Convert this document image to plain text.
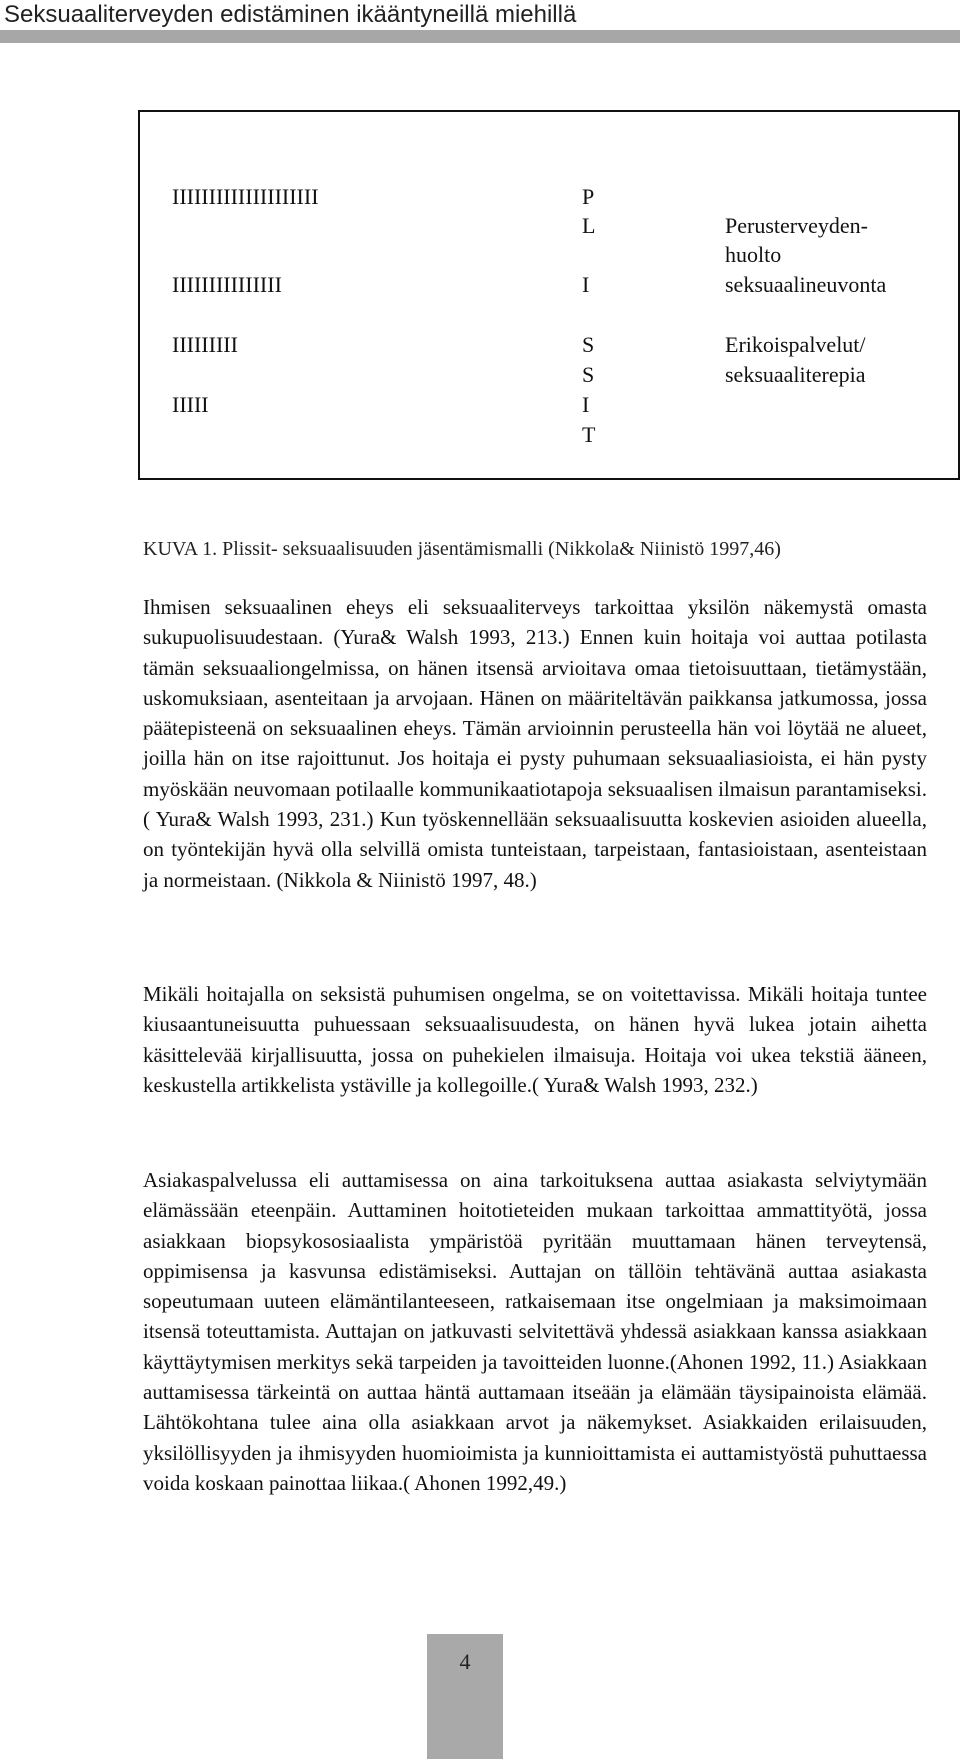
Seksuaaliterveyden edistäminen ikääntyneillä miehillä
IIIIIIIIIIIIIIIIIIII
IIIIIIIIIIIIIII
IIIIIIIII
IIIII
P
L
I
S
S
I
T
Perusterveyden-
huolto
seksuaalineuvonta
Erikoispalvelut/
seksuaaliterepia
KUVA 1. Plissit- seksuaalisuuden jäsentämismalli (Nikkola& Niinistö 1997,46)

Ihmisen seksuaalinen eheys eli seksuaaliterveys tarkoittaa yksilön näkemystä omasta sukupuolisuudestaan. (Yura& Walsh 1993, 213.) Ennen kuin hoitaja voi auttaa potilasta tämän seksuaaliongelmissa, on hänen itsensä arvioitava omaa tietoisuuttaan, tietämystään, uskomuksiaan, asenteitaan ja arvojaan. Hänen on määriteltävän paikkansa jatkumossa, jossa päätepisteenä on seksuaalinen eheys. Tämän arvioinnin perusteella hän voi löytää ne alueet, joilla hän on itse rajoittunut. Jos hoitaja ei pysty puhumaan seksuaaliasioista, ei hän pysty myöskään neuvomaan potilaalle kommunikaatiotapoja seksuaalisen ilmaisun parantamiseksi.( Yura& Walsh 1993, 231.) Kun työskennellään seksuaalisuutta koskevien asioiden alueella, on työntekijän hyvä olla selvillä omista tunteistaan, tarpeistaan, fantasioistaan, asenteistaan ja normeistaan. (Nikkola & Niinistö 1997, 48.)

Mikäli hoitajalla on seksistä puhumisen ongelma, se on voitettavissa. Mikäli hoitaja tuntee kiusaantuneisuutta puhuessaan seksuaalisuudesta, on hänen hyvä lukea jotain aihetta käsittelevää kirjallisuutta, jossa on puhekielen ilmaisuja. Hoitaja voi ukea tekstiä ääneen, keskustella artikkelista ystäville ja kollegoille.( Yura& Walsh 1993, 232.)

Asiakaspalvelussa eli auttamisessa on aina tarkoituksena auttaa asiakasta selviytymään elämässään eteenpäin. Auttaminen hoitotieteiden mukaan tarkoittaa ammattityötä, jossa asiakkaan biopsykososiaalista ympäristöä pyritään muuttamaan hänen terveytensä, oppimisensa ja kasvunsa edistämiseksi. Auttajan on tällöin tehtävänä auttaa asiakasta sopeutumaan uuteen elämäntilanteeseen, ratkaisemaan itse ongelmiaan ja maksimoimaan itsensä toteuttamista. Auttajan on jatkuvasti selvitettävä yhdessä asiakkaan kanssa asiakkaan käyttäytymisen merkitys sekä tarpeiden ja tavoitteiden luonne.(Ahonen 1992, 11.) Asiakkaan auttamisessa tärkeintä on auttaa häntä auttamaan itseään ja elämään täysipainoista elämää. Lähtökohtana tulee aina olla asiakkaan arvot ja näkemykset. Asiakkaiden erilaisuuden, yksilöllisyyden ja ihmisyyden huomioimista ja kunnioittamista ei auttamistyöstä puhuttaessa voida koskaan painottaa liikaa.( Ahonen 1992,49.)

4
